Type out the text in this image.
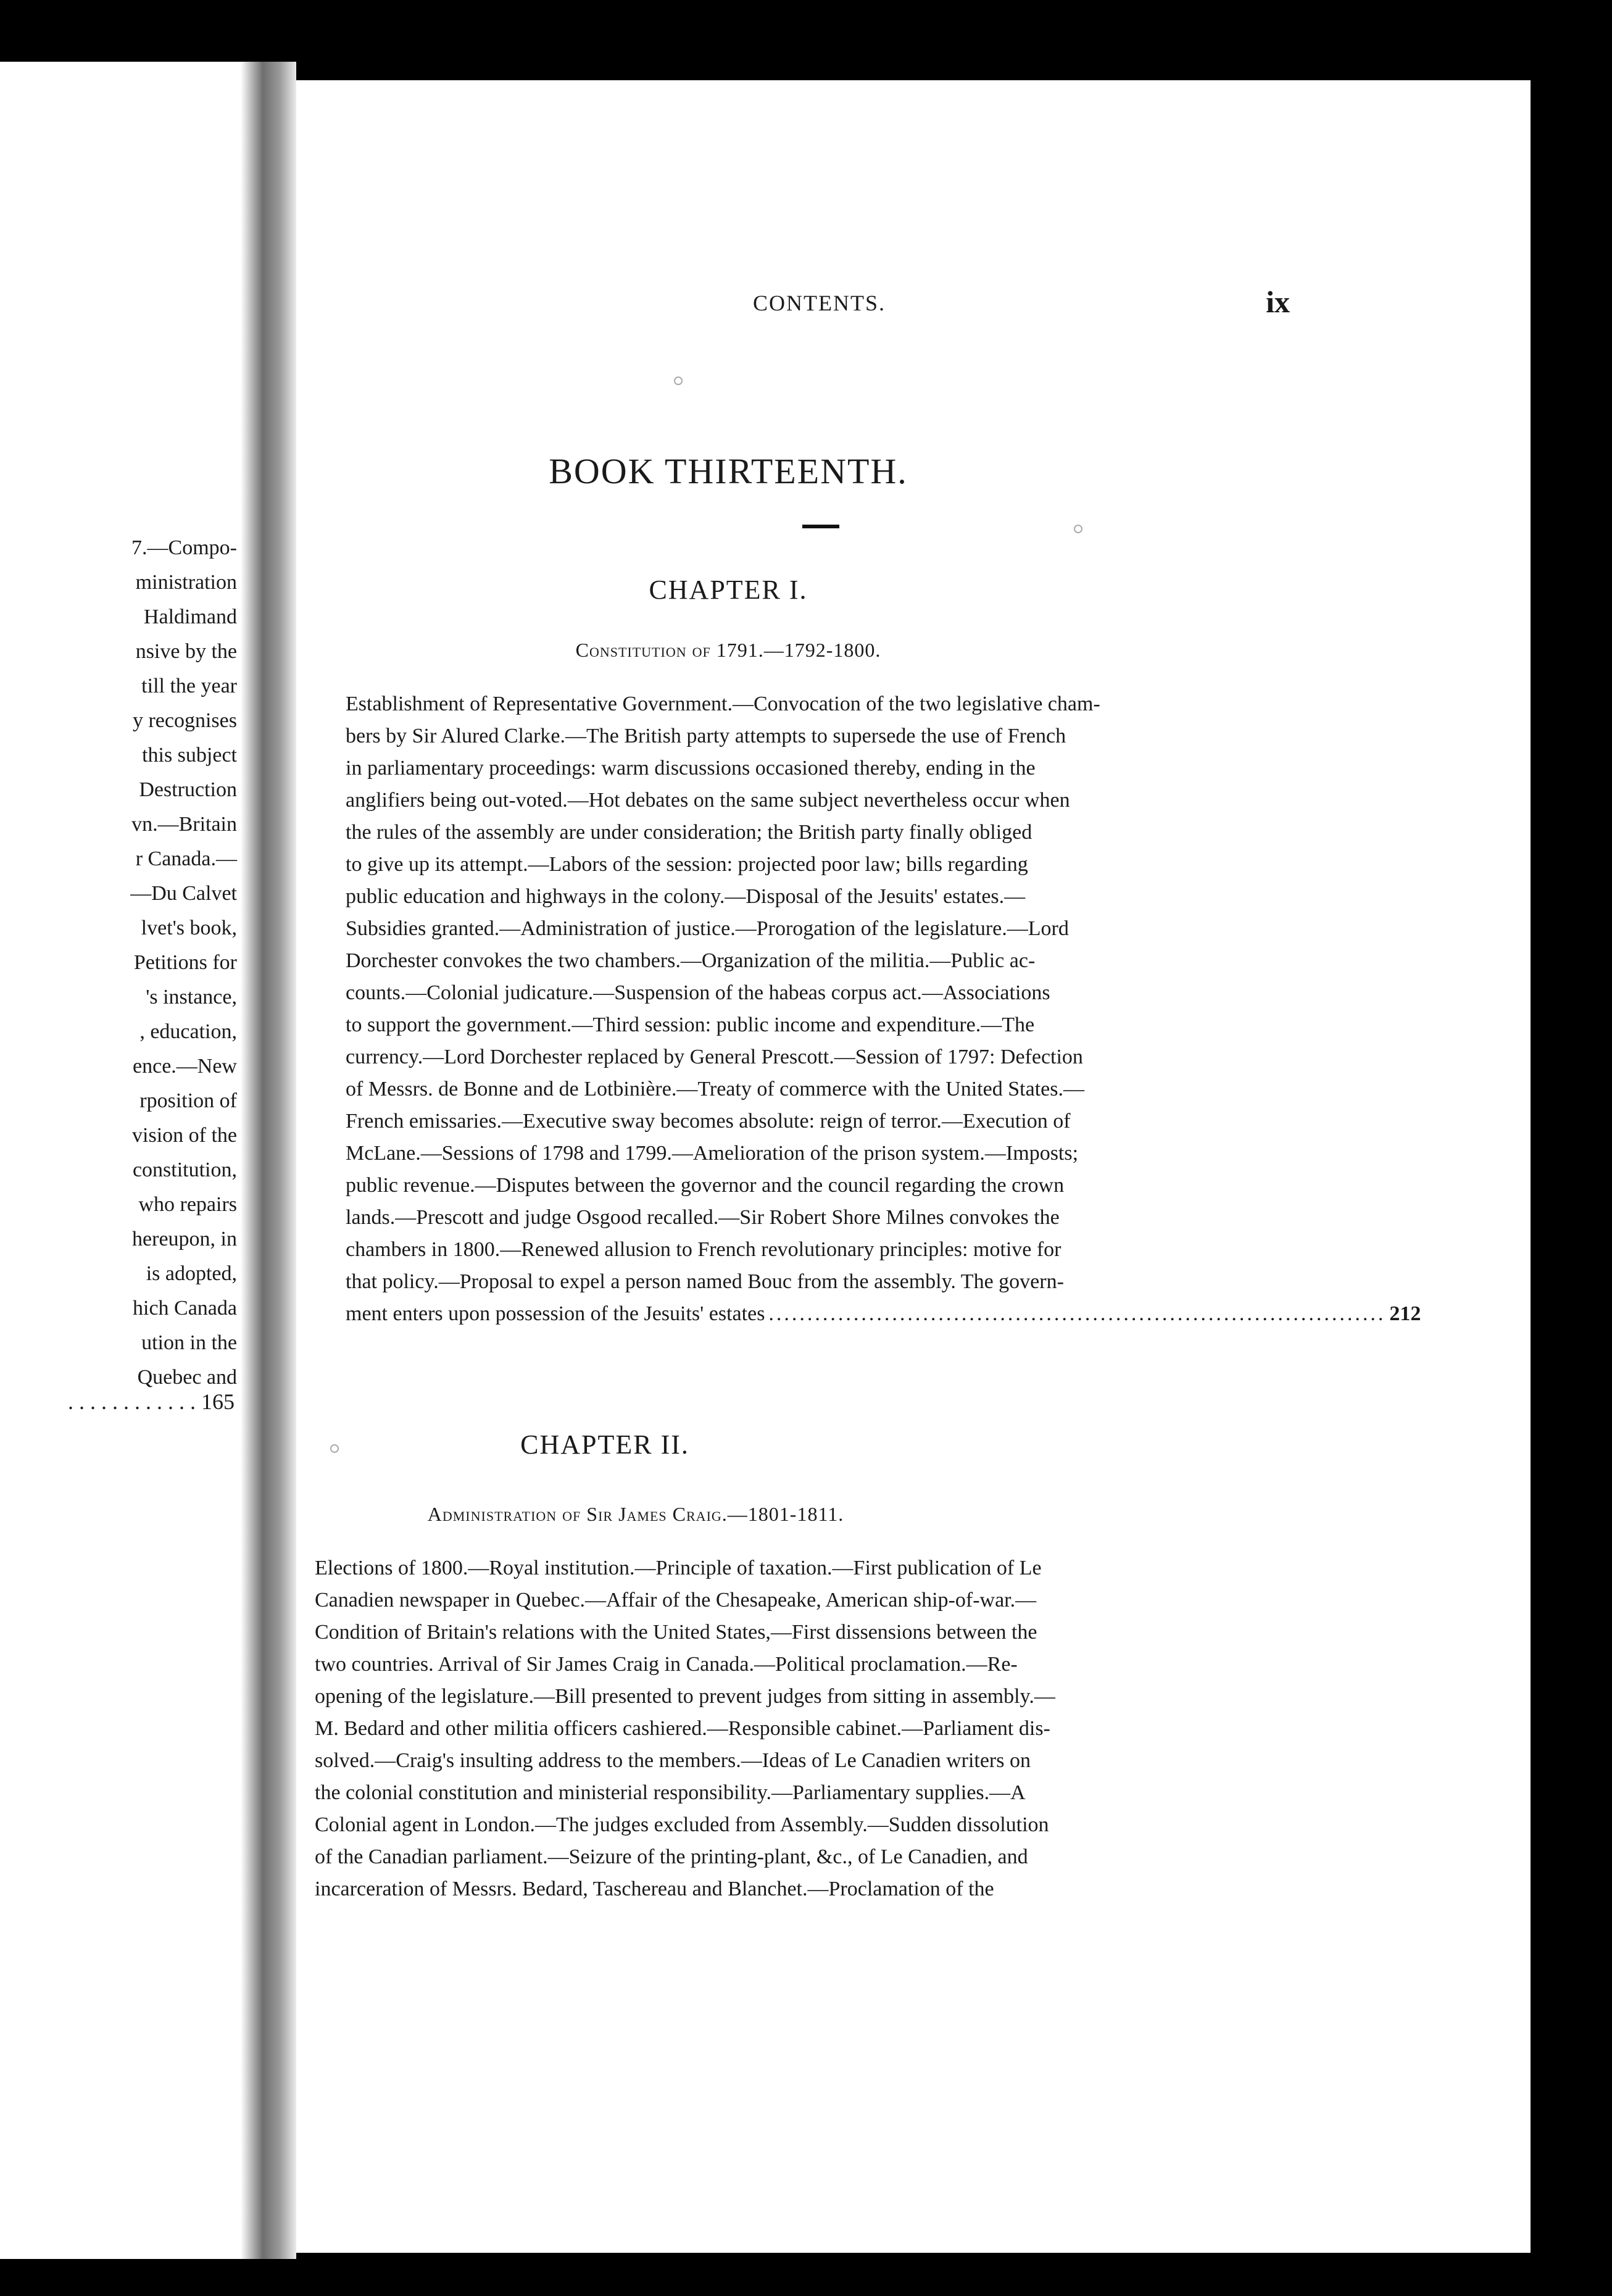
7.—Compo-
ministration
Haldimand
nsive by the
till the year
y recognises
this subject
Destruction
vn.—Britain
r Canada.—
—Du Calvet
lvet's book,
Petitions for
's instance,
, education,
ence.—New
rposition of
vision of the
constitution,
who repairs
hereupon, in
is adopted,
hich Canada
ution in the
Quebec and
. . . . . . . . . . . . 165
CONTENTS.	ix
BOOK THIRTEENTH.
CHAPTER I.
Constitution of 1791.—1792-1800.
Establishment of Representative Government.—Convocation of the two legislative cham-
bers by Sir Alured Clarke.—The British party attempts to supersede the use of French
in parliamentary proceedings: warm discussions occasioned thereby, ending in the
anglifiers being out-voted.—Hot debates on the same subject nevertheless occur when
the rules of the assembly are under consideration; the British party finally obliged
to give up its attempt.—Labors of the session: projected poor law; bills regarding
public education and highways in the colony.—Disposal of the Jesuits' estates.—
Subsidies granted.—Administration of justice.—Prorogation of the legislature.—Lord
Dorchester convokes the two chambers.—Organization of the militia.—Public ac-
counts.—Colonial judicature.—Suspension of the habeas corpus act.—Associations
to support the government.—Third session: public income and expenditure.—The
currency.—Lord Dorchester replaced by General Prescott.—Session of 1797: Defection
of Messrs. de Bonne and de Lotbinière.—Treaty of commerce with the United States.—
French emissaries.—Executive sway becomes absolute: reign of terror.—Execution of
McLane.—Sessions of 1798 and 1799.—Amelioration of the prison system.—Imposts;
public revenue.—Disputes between the governor and the council regarding the crown
lands.—Prescott and judge Osgood recalled.—Sir Robert Shore Milnes convokes the
chambers in 1800.—Renewed allusion to French revolutionary principles: motive for
that policy.—Proposal to expel a person named Bouc from the assembly. The govern-
ment enters upon possession of the Jesuits' estates ................................................................................ 212
CHAPTER II.
Administration of Sir James Craig.—1801-1811.
Elections of 1800.—Royal institution.—Principle of taxation.—First publication of Le
Canadien newspaper in Quebec.—Affair of the Chesapeake, American ship-of-war.—
Condition of Britain's relations with the United States,—First dissensions between the
two countries. Arrival of Sir James Craig in Canada.—Political proclamation.—Re-
opening of the legislature.—Bill presented to prevent judges from sitting in assembly.—
M. Bedard and other militia officers cashiered.—Responsible cabinet.—Parliament dis-
solved.—Craig's insulting address to the members.—Ideas of Le Canadien writers on
the colonial constitution and ministerial responsibility.—Parliamentary supplies.—A
Colonial agent in London.—The judges excluded from Assembly.—Sudden dissolution
of the Canadian parliament.—Seizure of the printing-plant, &c., of Le Canadien, and
incarceration of Messrs. Bedard, Taschereau and Blanchet.—Proclamation of the
